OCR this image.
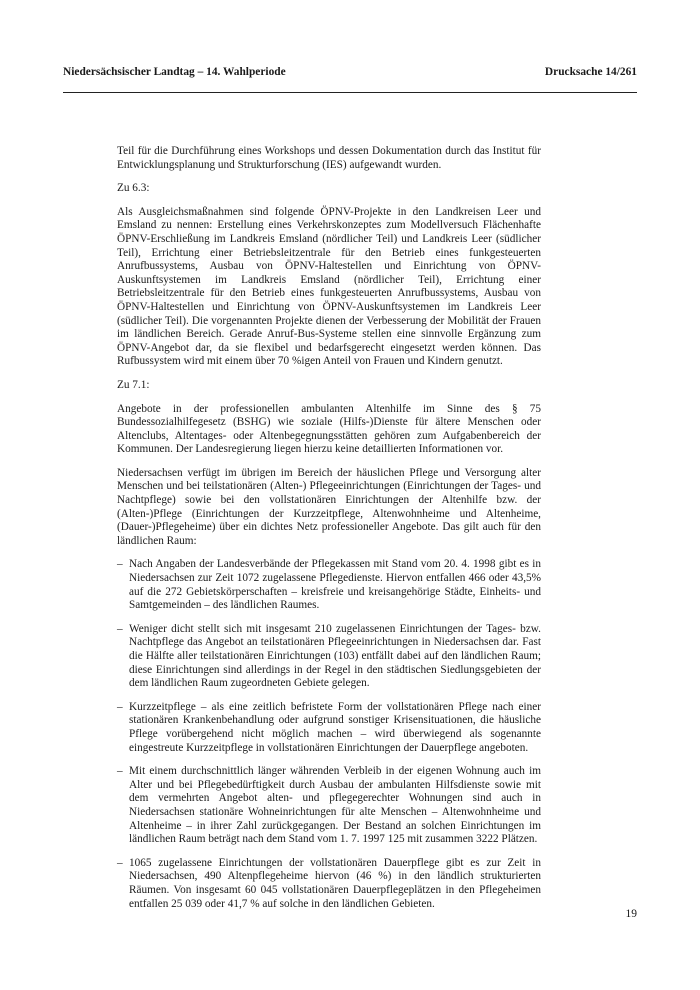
Niedersächsischer Landtag – 14. Wahlperiode	Drucksache 14/261

Teil für die Durchführung eines Workshops und dessen Dokumentation durch das Institut für Entwicklungsplanung und Strukturforschung (IES) aufgewandt wurden.

Zu 6.3:

Als Ausgleichsmaßnahmen sind folgende ÖPNV-Projekte in den Landkreisen Leer und Emsland zu nennen: Erstellung eines Verkehrskonzeptes zum Modellversuch Flächenhafte ÖPNV-Erschließung im Landkreis Emsland (nördlicher Teil) und Landkreis Leer (südlicher Teil), Errichtung einer Betriebsleitzentrale für den Betrieb eines funkgesteuerten Anrufbussystems, Ausbau von ÖPNV-Haltestellen und Einrichtung von ÖPNV-Auskunftsystemen im Landkreis Emsland (nördlicher Teil), Errichtung einer Betriebsleitzentrale für den Betrieb eines funkgesteuerten Anrufbussystems, Ausbau von ÖPNV-Haltestellen und Einrichtung von ÖPNV-Auskunftsystemen im Landkreis Leer (südlicher Teil). Die vorgenannten Projekte dienen der Verbesserung der Mobilität der Frauen im ländlichen Bereich. Gerade Anruf-Bus-Systeme stellen eine sinnvolle Ergänzung zum ÖPNV-Angebot dar, da sie flexibel und bedarfsgerecht eingesetzt werden können. Das Rufbussystem wird mit einem über 70 %igen Anteil von Frauen und Kindern genutzt.

Zu 7.1:

Angebote in der professionellen ambulanten Altenhilfe im Sinne des § 75 Bundessozialhilfegesetz (BSHG) wie soziale (Hilfs-)Dienste für ältere Menschen oder Altenclubs, Altentages- oder Altenbegegnungsstätten gehören zum Aufgabenbereich der Kommunen. Der Landesregierung liegen hierzu keine detaillierten Informationen vor.

Niedersachsen verfügt im übrigen im Bereich der häuslichen Pflege und Versorgung alter Menschen und bei teilstationären (Alten-) Pflegeeinrichtungen (Einrichtungen der Tages- und Nachtpflege) sowie bei den vollstationären Einrichtungen der Altenhilfe bzw. der (Alten-)Pflege (Einrichtungen der Kurzzeitpflege, Altenwohnheime und Altenheime, (Dauer-)Pflegeheime) über ein dichtes Netz professioneller Angebote. Das gilt auch für den ländlichen Raum:

– Nach Angaben der Landesverbände der Pflegekassen mit Stand vom 20. 4. 1998 gibt es in Niedersachsen zur Zeit 1072 zugelassene Pflegedienste. Hiervon entfallen 466 oder 43,5% auf die 272 Gebietskörperschaften – kreisfreie und kreisangehörige Städte, Einheits- und Samtgemeinden – des ländlichen Raumes.
– Weniger dicht stellt sich mit insgesamt 210 zugelassenen Einrichtungen der Tages- bzw. Nachtpflege das Angebot an teilstationären Pflegeeinrichtungen in Niedersachsen dar. Fast die Hälfte aller teilstationären Einrichtungen (103) entfällt dabei auf den ländlichen Raum; diese Einrichtungen sind allerdings in der Regel in den städtischen Siedlungsgebieten der dem ländlichen Raum zugeordneten Gebiete gelegen.
– Kurzzeitpflege – als eine zeitlich befristete Form der vollstationären Pflege nach einer stationären Krankenbehandlung oder aufgrund sonstiger Krisensituationen, die häusliche Pflege vorübergehend nicht möglich machen – wird überwiegend als sogenannte eingestreute Kurzzeitpflege in vollstationären Einrichtungen der Dauerpflege angeboten.
– Mit einem durchschnittlich länger währenden Verbleib in der eigenen Wohnung auch im Alter und bei Pflegebedürftigkeit durch Ausbau der ambulanten Hilfsdienste sowie mit dem vermehrten Angebot alten- und pflegegerechter Wohnungen sind auch in Niedersachsen stationäre Wohneinrichtungen für alte Menschen – Altenwohnheime und Altenheime – in ihrer Zahl zurückgegangen. Der Bestand an solchen Einrichtungen im ländlichen Raum beträgt nach dem Stand vom 1. 7. 1997 125 mit zusammen 3222 Plätzen.
– 1065 zugelassene Einrichtungen der vollstationären Dauerpflege gibt es zur Zeit in Niedersachsen, 490 Altenpflegeheime hiervon (46 %) in den ländlich strukturierten Räumen. Von insgesamt 60 045 vollstationären Dauerpflegeplätzen in den Pflegeheimen entfallen 25 039 oder 41,7 % auf solche in den ländlichen Gebieten.
19
